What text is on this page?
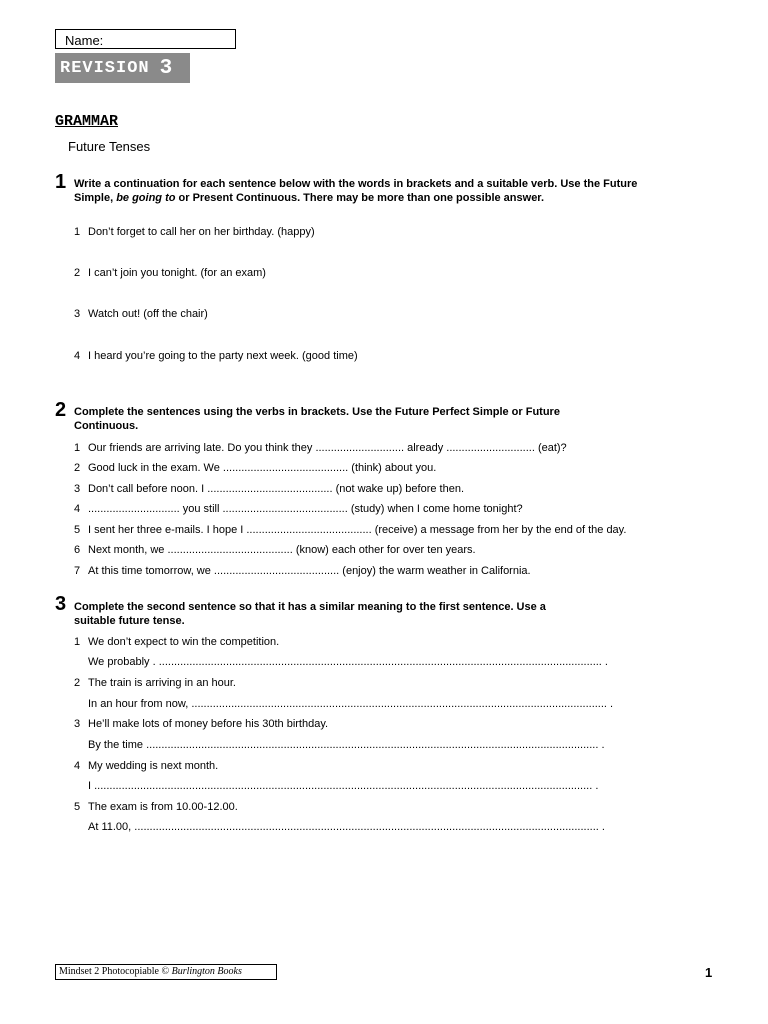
Name:
REVISION 3
GRAMMAR
Future Tenses
1 Write a continuation for each sentence below with the words in brackets and a suitable verb. Use the Future Simple, be going to or Present Continuous. There may be more than one possible answer.
1 Don’t forget to call her on her birthday. (happy)
2 I can’t join you tonight. (for an exam)
3 Watch out! (off the chair)
4 I heard you’re going to the party next week. (good time)
2 Complete the sentences using the verbs in brackets. Use the Future Perfect Simple or Future Continuous.
1 Our friends are arriving late. Do you think they ............................. already ............................. (eat)?
2 Good luck in the exam. We ......................................... (think) about you.
3 Don’t call before noon. I ......................................... (not wake up) before then.
4 .............................. you still ......................................... (study) when I come home tonight?
5 I sent her three e-mails. I hope I ......................................... (receive) a message from her by the end of the day.
6 Next month, we ......................................... (know) each other for over ten years.
7 At this time tomorrow, we ......................................... (enjoy) the warm weather in California.
3 Complete the second sentence so that it has a similar meaning to the first sentence. Use a suitable future tense.
1 We don’t expect to win the competition.
We probably . ................................................................................................................................................. .
2 The train is arriving in an hour.
In an hour from now, ........................................................................................................................................ .
3 He’ll make lots of money before his 30th birthday.
By the time .................................................................................................................................................... .
4 My wedding is next month.
I ................................................................................................................................................................... .
5 The exam is from 10.00-12.00.
At 11.00, ........................................................................................................................................................ .
Mindset 2 Photocopiable © Burlington Books	1
